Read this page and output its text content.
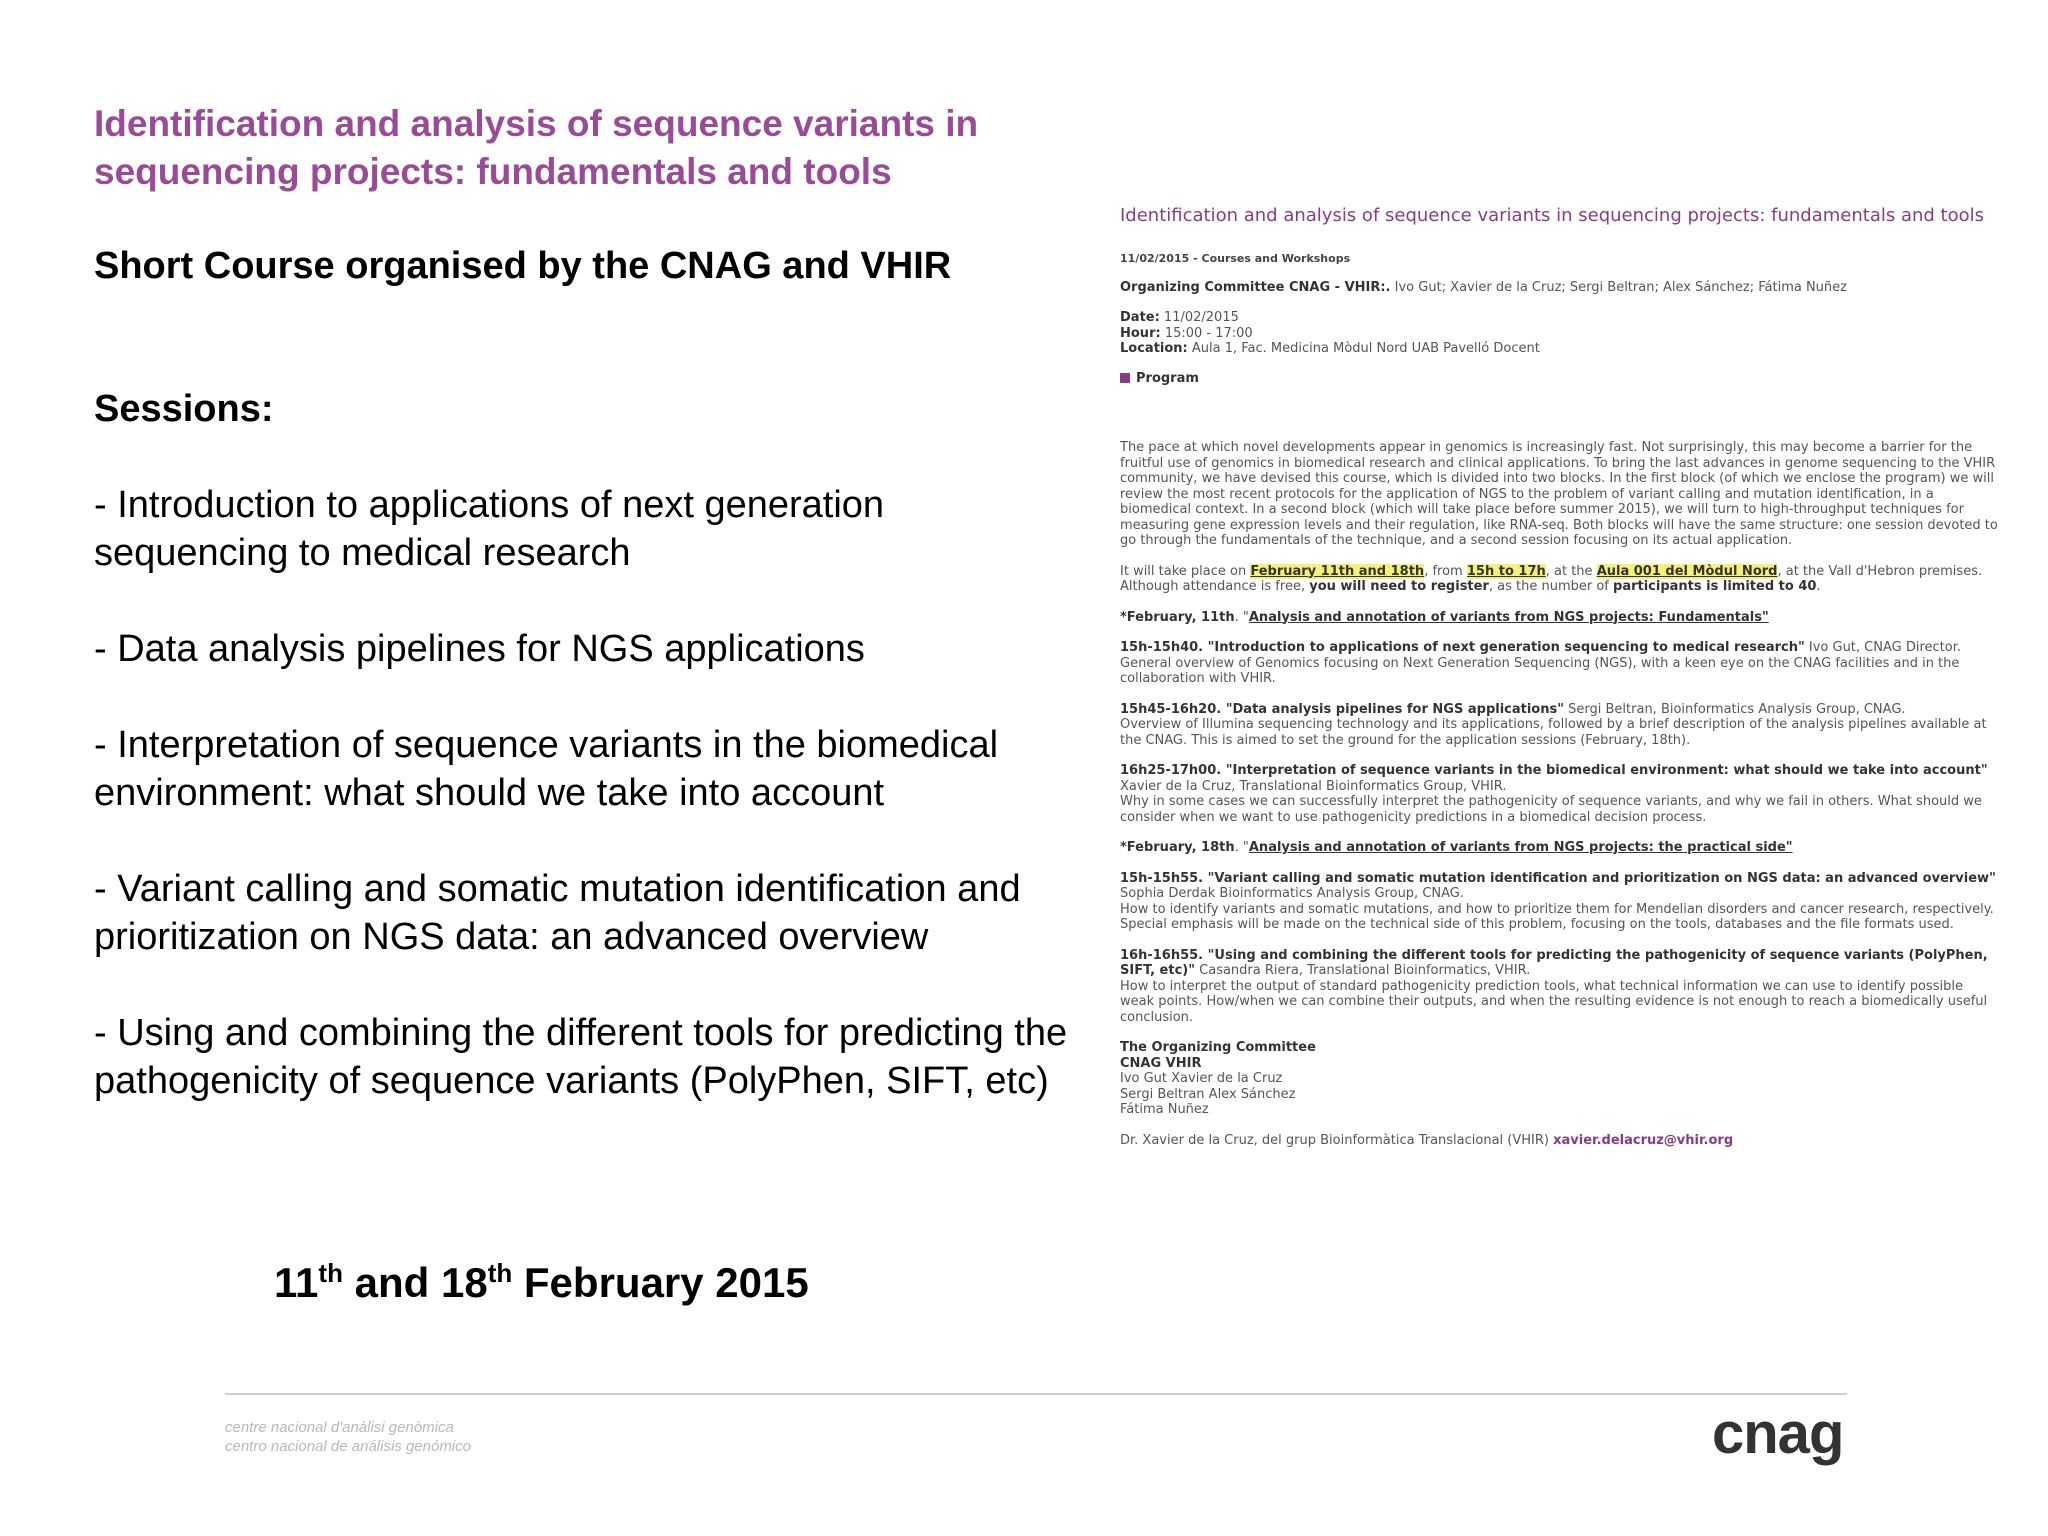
Identification and analysis of sequence variants in sequencing projects: fundamentals and tools

Short Course organised by the CNAG and VHIR

Sessions:

- Introduction to applications of next generation sequencing to medical research

- Data analysis pipelines for NGS applications

- Interpretation of sequence variants in the biomedical environment: what should we take into account

- Variant calling and somatic mutation identification and prioritization on NGS data: an advanced overview

- Using and combining the different tools for predicting the pathogenicity of sequence variants (PolyPhen, SIFT, etc)

11th and 18th February 2015

Identification and analysis of sequence variants in sequencing projects: fundamentals and tools

11/02/2015 - Courses and Workshops

Organizing Committee CNAG - VHIR:. Ivo Gut; Xavier de la Cruz; Sergi Beltran; Alex Sánchez; Fátima Nuñez

Date: 11/02/2015

Hour: 15:00 - 17:00

Location: Aula 1, Fac. Medicina Mòdul Nord UAB Pavelló Docent

Program

The pace at which novel developments appear in genomics is increasingly fast. Not surprisingly, this may become a barrier for the fruitful use of genomics in biomedical research and clinical applications. To bring the last advances in genome sequencing to the VHIR community, we have devised this course, which is divided into two blocks. In the first block (of which we enclose the program) we will review the most recent protocols for the application of NGS to the problem of variant calling and mutation identification, in a biomedical context. In a second block (which will take place before summer 2015), we will turn to high-throughput techniques for measuring gene expression levels and their regulation, like RNA-seq. Both blocks will have the same structure: one session devoted to go through the fundamentals of the technique, and a second session focusing on its actual application.

It will take place on February 11th and 18th, from 15h to 17h, at the Aula 001 del Mòdul Nord, at the Vall d'Hebron premises. Although attendance is free, you will need to register, as the number of participants is limited to 40.

*February, 11th. "Analysis and annotation of variants from NGS projects: Fundamentals"

15h-15h40. "Introduction to applications of next generation sequencing to medical research" Ivo Gut, CNAG Director.
General overview of Genomics focusing on Next Generation Sequencing (NGS), with a keen eye on the CNAG facilities and in the collaboration with VHIR.

15h45-16h20. "Data analysis pipelines for NGS applications" Sergi Beltran, Bioinformatics Analysis Group, CNAG.
Overview of Illumina sequencing technology and its applications, followed by a brief description of the analysis pipelines available at the CNAG. This is aimed to set the ground for the application sessions (February, 18th).

16h25-17h00. "Interpretation of sequence variants in the biomedical environment: what should we take into account" Xavier de la Cruz, Translational Bioinformatics Group, VHIR.
Why in some cases we can successfully interpret the pathogenicity of sequence variants, and why we fail in others. What should we consider when we want to use pathogenicity predictions in a biomedical decision process.

*February, 18th. "Analysis and annotation of variants from NGS projects: the practical side"

15h-15h55. "Variant calling and somatic mutation identification and prioritization on NGS data: an advanced overview" Sophia Derdak Bioinformatics Analysis Group, CNAG.
How to identify variants and somatic mutations, and how to prioritize them for Mendelian disorders and cancer research, respectively. Special emphasis will be made on the technical side of this problem, focusing on the tools, databases and the file formats used.

16h-16h55. "Using and combining the different tools for predicting the pathogenicity of sequence variants (PolyPhen, SIFT, etc)" Casandra Riera, Translational Bioinformatics, VHIR.
How to interpret the output of standard pathogenicity prediction tools, what technical information we can use to identify possible weak points. How/when we can combine their outputs, and when the resulting evidence is not enough to reach a biomedically useful conclusion.

The Organizing Committee
CNAG VHIR
Ivo Gut Xavier de la Cruz
Sergi Beltran Alex Sánchez
Fátima Nuñez

Dr. Xavier de la Cruz, del grup Bioinformàtica Translacional (VHIR) xavier.delacruz@vhir.org

centre nacional d'anàlisi genòmica
centro nacional de análisis genómico	cnag
